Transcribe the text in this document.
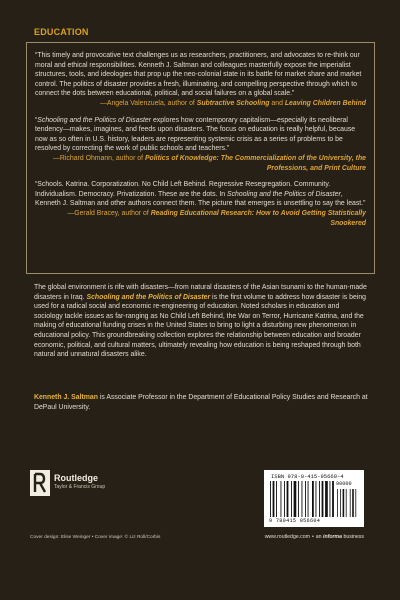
EDUCATION

“This timely and provocative text challenges us as researchers, practitioners, and advocates to re-think our moral and ethical responsibilities. Kenneth J. Saltman and colleagues masterfully expose the imperialist structures, tools, and ideologies that prop up the neo-colonial state in its battle for market share and market control. The politics of disaster provides a fresh, illuminating, and compelling perspective through which to connect the dots between educational, political, and social failures on a global scale.”

—Angela Valenzuela, author of Subtractive Schooling and Leaving Children Behind

“Schooling and the Politics of Disaster explores how contemporary capitalism—especially its neoliberal tendency—makes, imagines, and feeds upon disasters. The focus on education is really helpful, because now as so often in U.S. history, leaders are representing systemic crisis as a series of problems to be resolved by correcting the work of public schools and teachers.”

—Richard Ohmann, author of Politics of Knowledge: The Commercialization of the University, the Professions, and Print Culture

“Schools. Katrina. Corporatization. No Child Left Behind. Regressive Resegregation. Community. Individualism. Democracy. Privatization. These are the dots. In Schooling and the Politics of Disaster, Kenneth J. Saltman and other authors connect them. The picture that emerges is unsettling to say the least.”

—Gerald Bracey, author of Reading Educational Research: How to Avoid Getting Statistically Snookered

The global environment is rife with disasters—from natural disasters of the Asian tsunami to the human-made disasters in Iraq. Schooling and the Politics of Disaster is the first volume to address how disaster is being used for a radical social and economic re-engineering of education. Noted scholars in education and sociology tackle issues as far-ranging as No Child Left Behind, the War on Terror, Hurricane Katrina, and the making of educational funding crises in the United States to bring to light a disturbing new phenomenon in educational policy. This groundbreaking collection explores the relationship between education and broader economic, political, and cultural matters, ultimately revealing how education is being reshaped through both natural and unnatural disasters alike.

Kenneth J. Saltman is Associate Professor in the Department of Educational Policy Studies and Research at DePaul University.

Routledge
Taylor & Francis Group
ISBN 978-0-415-95660-4
9 780415 956604
90000
Cover design: Elise Weinger • Cover image: © Liz Roll/Corbis	www.routledge.com • an informa business
